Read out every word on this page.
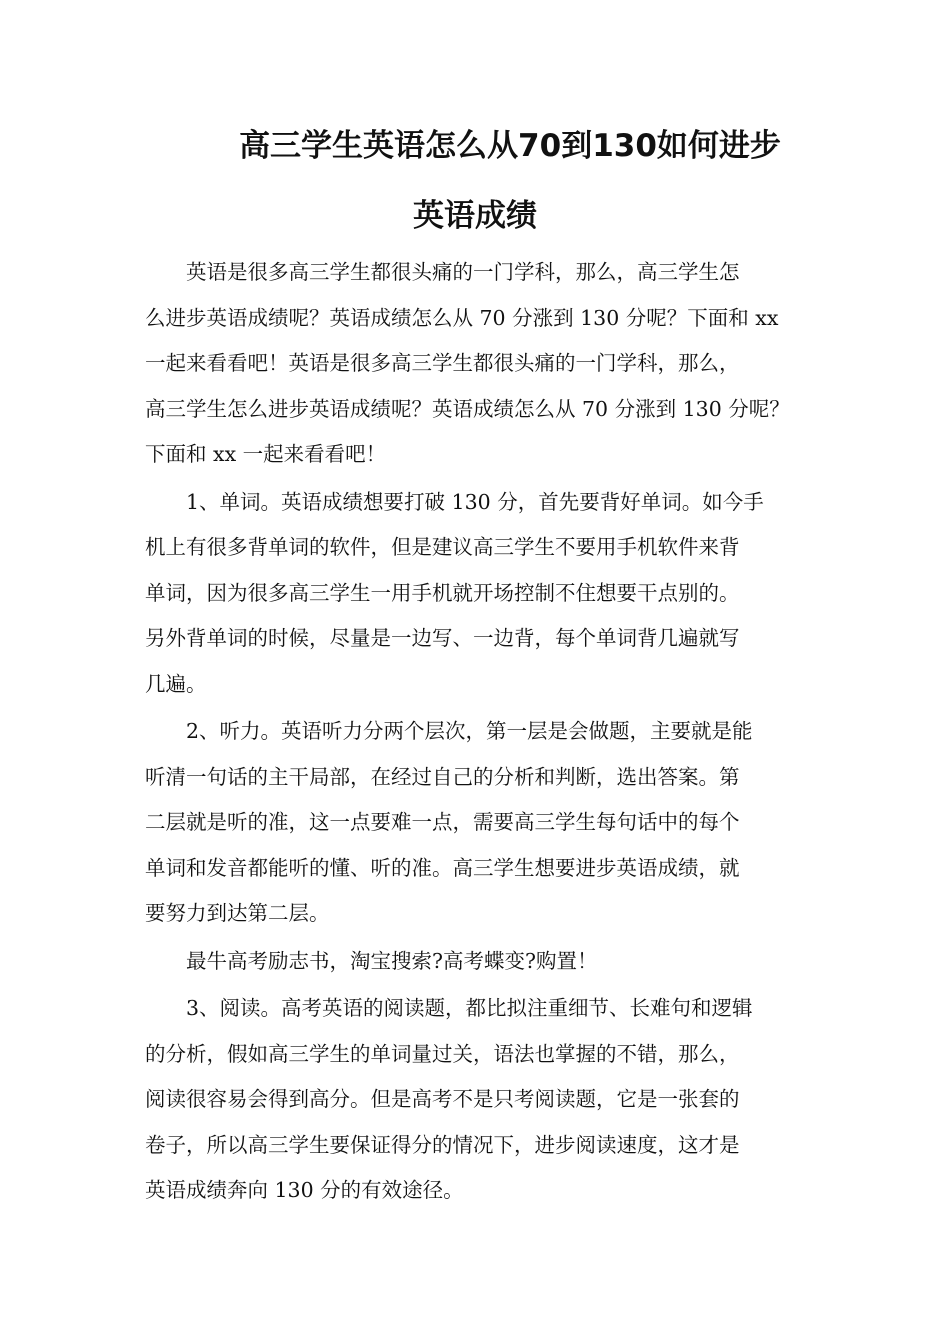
高三学生英语怎么从70到130如何进步
英语成绩
英语是很多高三学生都很头痛的一门学科，那么，高三学生怎
么进步英语成绩呢？英语成绩怎么从 70 分涨到 130 分呢？下面和 xx
一起来看看吧！英语是很多高三学生都很头痛的一门学科，那么，
高三学生怎么进步英语成绩呢？英语成绩怎么从 70 分涨到 130 分呢？
下面和 xx 一起来看看吧！
1、单词。英语成绩想要打破 130 分，首先要背好单词。如今手
机上有很多背单词的软件，但是建议高三学生不要用手机软件来背
单词，因为很多高三学生一用手机就开场控制不住想要干点别的。
另外背单词的时候，尽量是一边写、一边背，每个单词背几遍就写
几遍。
2、听力。英语听力分两个层次，第一层是会做题，主要就是能
听清一句话的主干局部，在经过自己的分析和判断，选出答案。第
二层就是听的准，这一点要难一点，需要高三学生每句话中的每个
单词和发音都能听的懂、听的准。高三学生想要进步英语成绩，就
要努力到达第二层。
最牛高考励志书，淘宝搜索?高考蝶变?购置！
3、阅读。高考英语的阅读题，都比拟注重细节、长难句和逻辑
的分析，假如高三学生的单词量过关，语法也掌握的不错，那么，
阅读很容易会得到高分。但是高考不是只考阅读题，它是一张套的
卷子，所以高三学生要保证得分的情况下，进步阅读速度，这才是
英语成绩奔向 130 分的有效途径。
